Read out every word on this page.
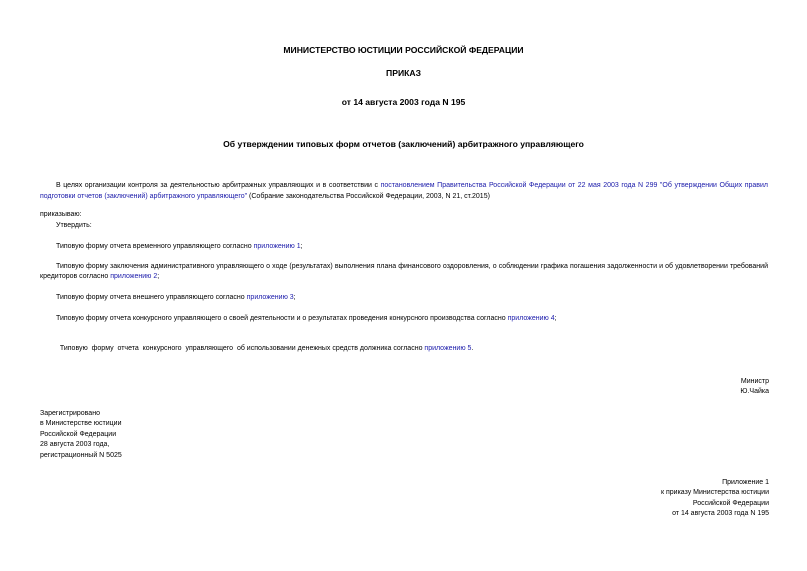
МИНИСТЕРСТВО ЮСТИЦИИ РОССИЙСКОЙ ФЕДЕРАЦИИ
ПРИКАЗ
от 14 августа 2003 года N 195
Об утверждении типовых форм отчетов (заключений) арбитражного управляющего
В целях организации контроля за деятельностью арбитражных управляющих и в соответствии с постановлением Правительства Российской Федерации от 22 мая 2003 года N 299 "Об утверждении Общих правил подготовки отчетов (заключений) арбитражного управляющего" (Собрание законодательства Российской Федерации, 2003, N 21, ст.2015)
приказываю:
Утвердить:
Типовую форму отчета временного управляющего согласно приложению 1;
Типовую форму заключения административного управляющего о ходе (результатах) выполнения плана финансового оздоровления, о соблюдении графика погашения задолженности и об удовлетворении требований кредиторов согласно приложению 2;
Типовую форму отчета внешнего управляющего согласно приложению 3;
Типовую форму отчета конкурсного управляющего о своей деятельности и о результатах проведения конкурсного производства согласно приложению 4;

Типовую  форму  отчета  конкурсного  управляющего  об использовании денежных средств должника согласно приложению 5.

Министр
Ю.Чайка
Зарегистрировано
в Министерстве юстиции
Российской Федерации
28 августа 2003 года,
регистрационный N 5025
Приложение 1
к приказу Министерства юстиции
Российской Федерации
от 14 августа 2003 года N 195
